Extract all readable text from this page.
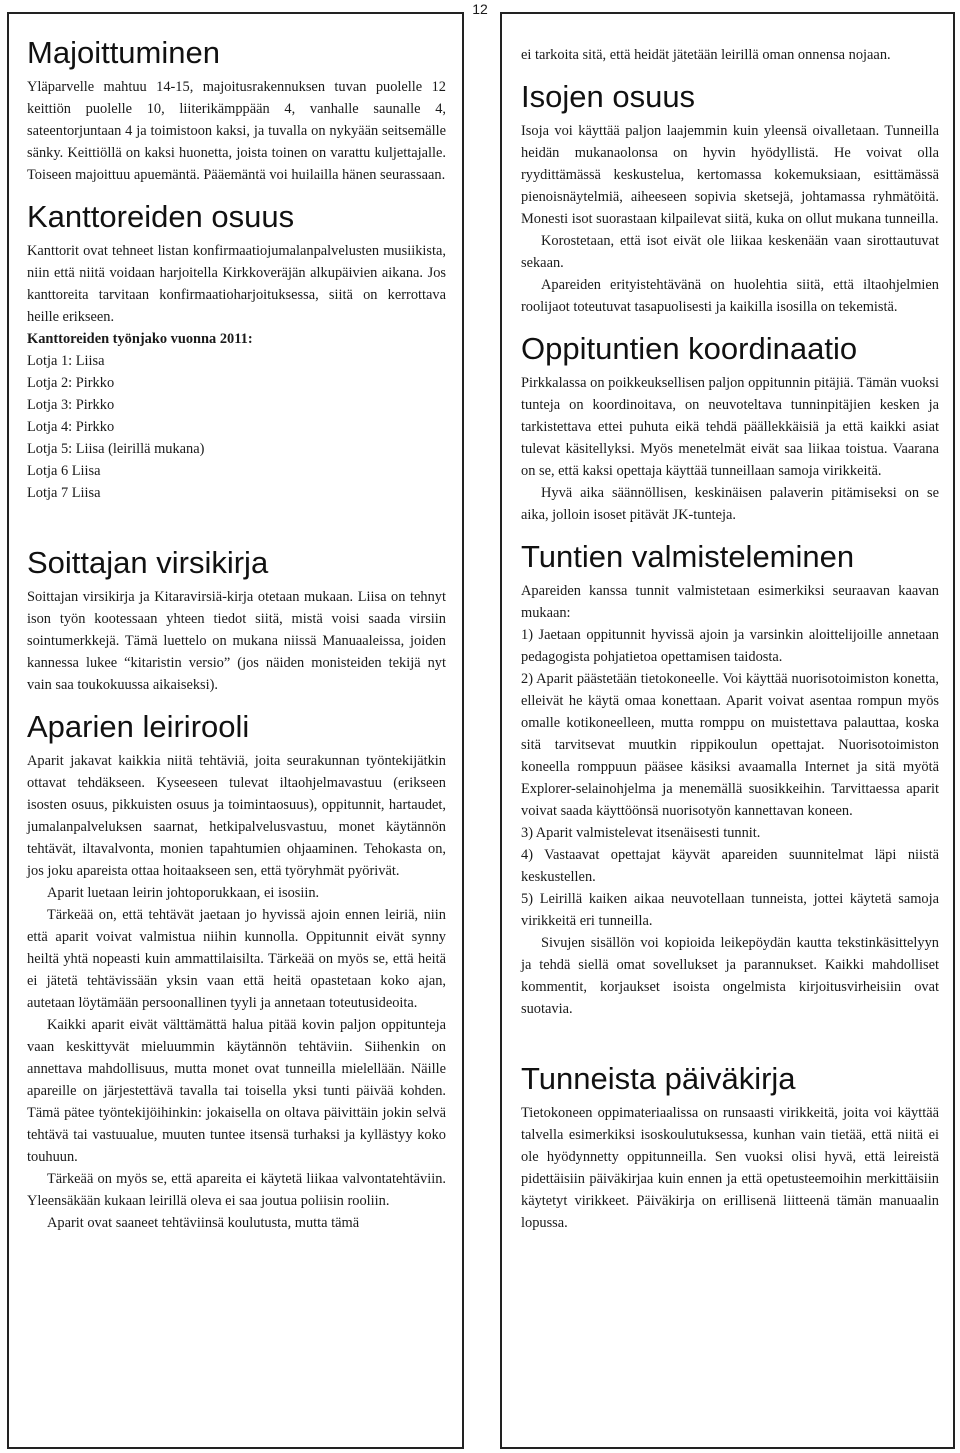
12
Majoittuminen

Yläparvelle mahtuu 14-15, majoitusrakennuksen tuvan puolelle 12 keittiön puolelle 10, liiterikämppään 4, vanhalle saunalle 4, sateentorjuntaan 4 ja toimistoon kaksi, ja tuvalla on nykyään seitsemälle sänky. Keittiöllä on kaksi huonetta, joista toinen on varattu kuljettajalle. Toiseen majoittuu apuemäntä. Pääemäntä voi huilailla hänen seurassaan.

Kanttoreiden osuus

Kanttorit ovat tehneet listan konfirmaatiojumalanpalvelusten musiikista, niin että niitä voidaan harjoitella Kirkkoveräjän alkupäivien aikana. Jos kanttoreita tarvitaan konfirmaatioharjoituksessa, siitä on kerrottava heille erikseen.

Kanttoreiden työnjako vuonna 2011:

Lotja 1: Liisa
Lotja 2: Pirkko
Lotja 3: Pirkko
Lotja 4: Pirkko
Lotja 5: Liisa (leirillä mukana)
Lotja 6 Liisa
Lotja 7 Liisa
Soittajan virsikirja

Soittajan virsikirja ja Kitaravirsiä-kirja otetaan mukaan. Liisa on tehnyt ison työn kootessaan yhteen tiedot siitä, mistä voisi saada virsiin sointumerkkejä. Tämä luettelo on mukana niissä Manuaaleissa, joiden kannessa lukee “kitaristin versio” (jos näiden monisteiden tekijä nyt vain saa toukokuussa aikaiseksi).

Aparien leirirooli

Aparit jakavat kaikkia niitä tehtäviä, joita seurakunnan työntekijätkin ottavat tehdäkseen. Kyseeseen tulevat iltaohjelmavastuu (erikseen isosten osuus, pikkuisten osuus ja toimintaosuus), oppitunnit, hartaudet, jumalanpalveluksen saarnat, hetkipalvelusvastuu, monet käytännön tehtävät, iltavalvonta, monien tapahtumien ohjaaminen. Tehokasta on, jos joku apareista ottaa hoitaakseen sen, että työryhmät pyörivät.

Aparit luetaan leirin johtoporukkaan, ei isosiin.

Tärkeää on, että tehtävät jaetaan jo hyvissä ajoin ennen leiriä, niin että aparit voivat valmistua niihin kunnolla. Oppitunnit eivät synny heiltä yhtä nopeasti kuin ammattilaisilta. Tärkeää on myös se, että heitä ei jätetä tehtävissään yksin vaan että heitä opastetaan koko ajan, autetaan löytämään persoonallinen tyyli ja annetaan toteutusideoita.

Kaikki aparit eivät välttämättä halua pitää kovin paljon oppitunteja vaan keskittyvät mieluummin käytännön tehtäviin. Siihenkin on annettava mahdollisuus, mutta monet ovat tunneilla mielellään. Näille apareille on järjestettävä tavalla tai toisella yksi tunti päivää kohden. Tämä pätee työntekijöihinkin: jokaisella on oltava päivittäin jokin selvä tehtävä tai vastuualue, muuten tuntee itsensä turhaksi ja kyllästyy koko touhuun.

Tärkeää on myös se, että apareita ei käytetä liikaa valvontatehtäviin. Yleensäkään kukaan leirillä oleva ei saa joutua poliisin rooliin.

Aparit ovat saaneet tehtäviinsä koulutusta, mutta tämä

ei tarkoita sitä, että heidät jätetään leirillä oman onnensa nojaan.

Isojen osuus

Isoja voi käyttää paljon laajemmin kuin yleensä oivalletaan. Tunneilla heidän mukanaolonsa on hyvin hyödyllistä. He voivat olla ryydittämässä keskustelua, kertomassa kokemuksiaan, esittämässä pienoisnäytelmiä, aiheeseen sopivia sketsejä, johtamassa ryhmätöitä. Monesti isot suorastaan kilpailevat siitä, kuka on ollut mukana tunneilla.

Korostetaan, että isot eivät ole liikaa keskenään vaan sirottautuvat sekaan.

Apareiden erityistehtävänä on huolehtia siitä, että iltaohjelmien roolijaot toteutuvat tasapuolisesti ja kaikilla isosilla on tekemistä.

Oppituntien koordinaatio

Pirkkalassa on poikkeuksellisen paljon oppitunnin pitäjiä. Tämän vuoksi tunteja on koordinoitava, on neuvoteltava tunninpitäjien kesken ja tarkistettava ettei puhuta eikä tehdä päällekkäisiä ja että kaikki asiat tulevat käsitellyksi. Myös menetelmät eivät saa liikaa toistua. Vaarana on se, että kaksi opettaja käyttää tunneillaan samoja virikkeitä.

Hyvä aika säännöllisen, keskinäisen palaverin pitämiseksi on se aika, jolloin isoset pitävät JK-tunteja.

Tuntien valmisteleminen

Apareiden kanssa tunnit valmistetaan esimerkiksi seuraavan kaavan mukaan:

1) Jaetaan oppitunnit hyvissä ajoin ja varsinkin aloittelijoille annetaan pedagogista pohjatietoa opettamisen taidosta.

2) Aparit päästetään tietokoneelle. Voi käyttää nuorisotoimiston konetta, elleivät he käytä omaa konettaan. Aparit voivat asentaa rompun myös omalle kotikoneelleen, mutta romppu on muistettava palauttaa, koska sitä tarvitsevat muutkin rippikoulun opettajat. Nuorisotoimiston koneella romppuun pääsee käsiksi avaamalla Internet ja sitä myötä Explorer-selainohjelma ja menemällä suosikkeihin. Tarvittaessa aparit voivat saada käyttöönsä nuorisotyön kannettavan koneen.

3) Aparit valmistelevat itsenäisesti tunnit.

4) Vastaavat opettajat käyvät apareiden suunnitelmat läpi niistä keskustellen.

5) Leirillä kaiken aikaa neuvotellaan tunneista, jottei käytetä samoja virikkeitä eri tunneilla.

Sivujen sisällön voi kopioida leikepöydän kautta tekstinkäsittelyyn ja tehdä siellä omat sovellukset ja parannukset. Kaikki mahdolliset kommentit, korjaukset isoista ongelmista kirjoitusvirheisiin ovat suotavia.

Tunneista päiväkirja

Tietokoneen oppimateriaalissa on runsaasti virikkeitä, joita voi käyttää talvella esimerkiksi isoskoulutuksessa, kunhan vain tietää, että niitä ei ole hyödynnetty oppitunneilla. Sen vuoksi olisi hyvä, että leireistä pidettäisiin päiväkirjaa kuin ennen ja että opetusteemoihin merkittäisiin käytetyt virikkeet. Päiväkirja on erillisenä liitteenä tämän manuaalin lopussa.
